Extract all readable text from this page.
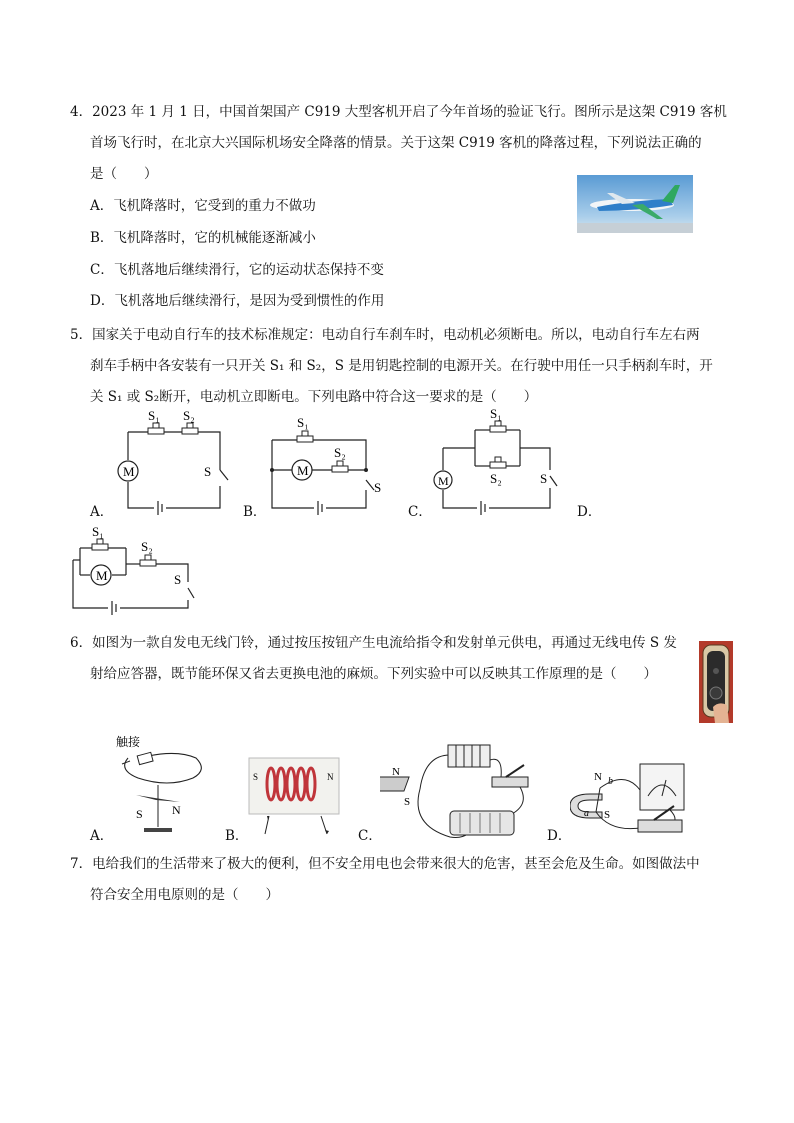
4．2023 年 1 月 1 日，中国首架国产 C919 大型客机开启了今年首场的验证飞行。图所示是这架 C919 客机
首场飞行时，在北京大兴国际机场安全降落的情景。关于这架 C919 客机的降落过程，下列说法正确的
是（　　）
A．飞机降落时，它受到的重力不做功
B．飞机降落时，它的机械能逐渐减小
C．飞机落地后继续滑行，它的运动状态保持不变
D．飞机落地后继续滑行，是因为受到惯性的作用
5．国家关于电动自行车的技术标准规定：电动自行车刹车时，电动机必须断电。所以，电动自行车左右两
刹车手柄中各安装有一只开关 S₁ 和 S₂，S 是用钥匙控制的电源开关。在行驶中用任一只手柄刹车时，开
关 S₁ 或 S₂断开，电动机立即断电。下列电路中符合这一要求的是（　　）
M
S₁ S₂
S	M
S₁
S₂
S	M
S₁
S₂	S
A．	B．	C．	D．
M
S₁
S₂
S
6．如图为一款自发电无线门铃，通过按压按钮产生电流给指令和发射单元供电，再通过无线电传 S 发
射给应答器，既节能环保又省去更换电池的麻烦。下列实验中可以反映其工作原理的是（　　）
触接
S N
S	N	N
S
N
S
a
b
A．	B．	C．	D．
7．电给我们的生活带来了极大的便利，但不安全用电也会带来很大的危害，甚至会危及生命。如图做法中
符合安全用电原则的是（　　）
